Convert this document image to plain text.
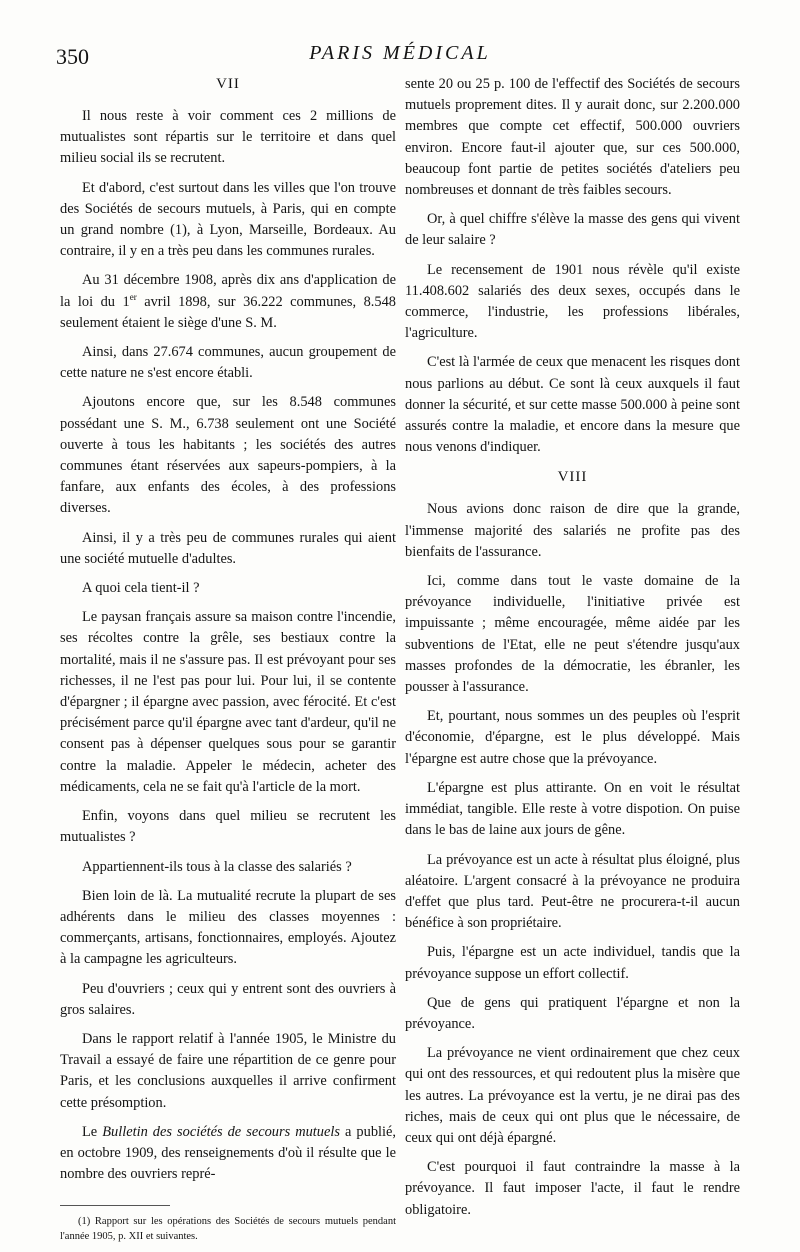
350	PARIS MÉDICAL
VII

Il nous reste à voir comment ces 2 millions de mutualistes sont répartis sur le territoire et dans quel milieu social ils se recrutent.

Et d'abord, c'est surtout dans les villes que l'on trouve des Sociétés de secours mutuels, à Paris, qui en compte un grand nombre (1), à Lyon, Marseille, Bordeaux. Au contraire, il y en a très peu dans les communes rurales.

Au 31 décembre 1908, après dix ans d'application de la loi du 1er avril 1898, sur 36.222 communes, 8.548 seulement étaient le siège d'une S. M.

Ainsi, dans 27.674 communes, aucun groupement de cette nature ne s'est encore établi.

Ajoutons encore que, sur les 8.548 communes possédant une S. M., 6.738 seulement ont une Société ouverte à tous les habitants ; les sociétés des autres communes étant réservées aux sapeurs-pompiers, à la fanfare, aux enfants des écoles, à des professions diverses.

Ainsi, il y a très peu de communes rurales qui aient une société mutuelle d'adultes.

A quoi cela tient-il ?

Le paysan français assure sa maison contre l'incendie, ses récoltes contre la grêle, ses bestiaux contre la mortalité, mais il ne s'assure pas. Il est prévoyant pour ses richesses, il ne l'est pas pour lui. Pour lui, il se contente d'épargner ; il épargne avec passion, avec férocité. Et c'est précisément parce qu'il épargne avec tant d'ardeur, qu'il ne consent pas à dépenser quelques sous pour se garantir contre la maladie. Appeler le médecin, acheter des médicaments, cela ne se fait qu'à l'article de la mort.

Enfin, voyons dans quel milieu se recrutent les mutualistes ?

Appartiennent-ils tous à la classe des salariés ?

Bien loin de là. La mutualité recrute la plupart de ses adhérents dans le milieu des classes moyennes : commerçants, artisans, fonctionnaires, employés. Ajoutez à la campagne les agriculteurs.

Peu d'ouvriers ; ceux qui y entrent sont des ouvriers à gros salaires.

Dans le rapport relatif à l'année 1905, le Ministre du Travail a essayé de faire une répartition de ce genre pour Paris, et les conclusions auxquelles il arrive confirment cette présomption.

Le Bulletin des sociétés de secours mutuels a publié, en octobre 1909, des renseignements d'où il résulte que le nombre des ouvriers repré-

(1) Rapport sur les opérations des Sociétés de secours mutuels pendant l'année 1905, p. XII et suivantes.

sente 20 ou 25 p. 100 de l'effectif des Sociétés de secours mutuels proprement dites. Il y aurait donc, sur 2.200.000 membres que compte cet effectif, 500.000 ouvriers environ. Encore faut-il ajouter que, sur ces 500.000, beaucoup font partie de petites sociétés d'ateliers peu nombreuses et donnant de très faibles secours.

Or, à quel chiffre s'élève la masse des gens qui vivent de leur salaire ?

Le recensement de 1901 nous révèle qu'il existe 11.408.602 salariés des deux sexes, occupés dans le commerce, l'industrie, les professions libérales, l'agriculture.

C'est là l'armée de ceux que menacent les risques dont nous parlions au début. Ce sont là ceux auxquels il faut donner la sécurité, et sur cette masse 500.000 à peine sont assurés contre la maladie, et encore dans la mesure que nous venons d'indiquer.

VIII

Nous avions donc raison de dire que la grande, l'immense majorité des salariés ne profite pas des bienfaits de l'assurance.

Ici, comme dans tout le vaste domaine de la prévoyance individuelle, l'initiative privée est impuissante ; même encouragée, même aidée par les subventions de l'Etat, elle ne peut s'étendre jusqu'aux masses profondes de la démocratie, les ébranler, les pousser à l'assurance.

Et, pourtant, nous sommes un des peuples où l'esprit d'économie, d'épargne, est le plus développé. Mais l'épargne est autre chose que la prévoyance.

L'épargne est plus attirante. On en voit le résultat immédiat, tangible. Elle reste à votre dispotion. On puise dans le bas de laine aux jours de gêne.

La prévoyance est un acte à résultat plus éloigné, plus aléatoire. L'argent consacré à la prévoyance ne produira d'effet que plus tard. Peut-être ne procurera-t-il aucun bénéfice à son propriétaire.

Puis, l'épargne est un acte individuel, tandis que la prévoyance suppose un effort collectif.

Que de gens qui pratiquent l'épargne et non la prévoyance.

La prévoyance ne vient ordinairement que chez ceux qui ont des ressources, et qui redoutent plus la misère que les autres. La prévoyance est la vertu, je ne dirai pas des riches, mais de ceux qui ont plus que le nécessaire, de ceux qui ont déjà épargné.

C'est pourquoi il faut contraindre la masse à la prévoyance. Il faut imposer l'acte, il faut le rendre obligatoire.
